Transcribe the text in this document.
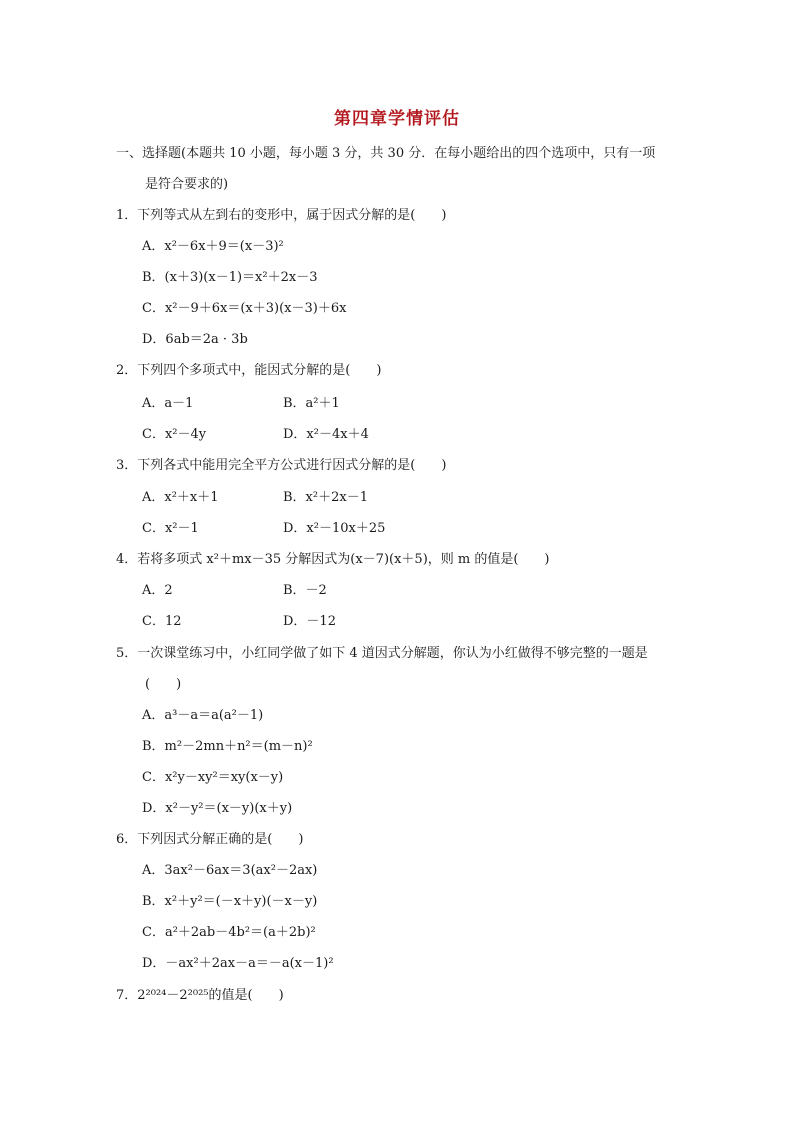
第四章学情评估
一、选择题(本题共 10 小题，每小题 3 分，共 30 分．在每小题给出的四个选项中，只有一项
是符合要求的)
1．下列等式从左到右的变形中，属于因式分解的是(　　)
A．x²－6x＋9＝(x－3)²
B．(x＋3)(x－1)＝x²＋2x－3
C．x²－9＋6x＝(x＋3)(x－3)＋6x
D．6ab＝2a · 3b
2．下列四个多项式中，能因式分解的是(　　)
A．a－1	B．a²＋1
C．x²－4y	D．x²－4x＋4
3．下列各式中能用完全平方公式进行因式分解的是(　　)
A．x²＋x＋1	B．x²＋2x－1
C．x²－1	D．x²－10x＋25
4．若将多项式 x²＋mx－35 分解因式为(x－7)(x＋5)，则 m 的值是(　　)
A．2	B．－2
C．12	D．－12
5．一次课堂练习中，小红同学做了如下 4 道因式分解题，你认为小红做得不够完整的一题是
(　　)
A．a³－a＝a(a²－1)
B．m²－2mn＋n²＝(m－n)²
C．x²y－xy²＝xy(x－y)
D．x²－y²＝(x－y)(x＋y)
6．下列因式分解正确的是(　　)
A．3ax²－6ax＝3(ax²－2ax)
B．x²＋y²＝(－x＋y)(－x－y)
C．a²＋2ab－4b²＝(a＋2b)²
D．－ax²＋2ax－a＝－a(x－1)²
7．2²⁰²⁴－2²⁰²⁵的值是(　　)
